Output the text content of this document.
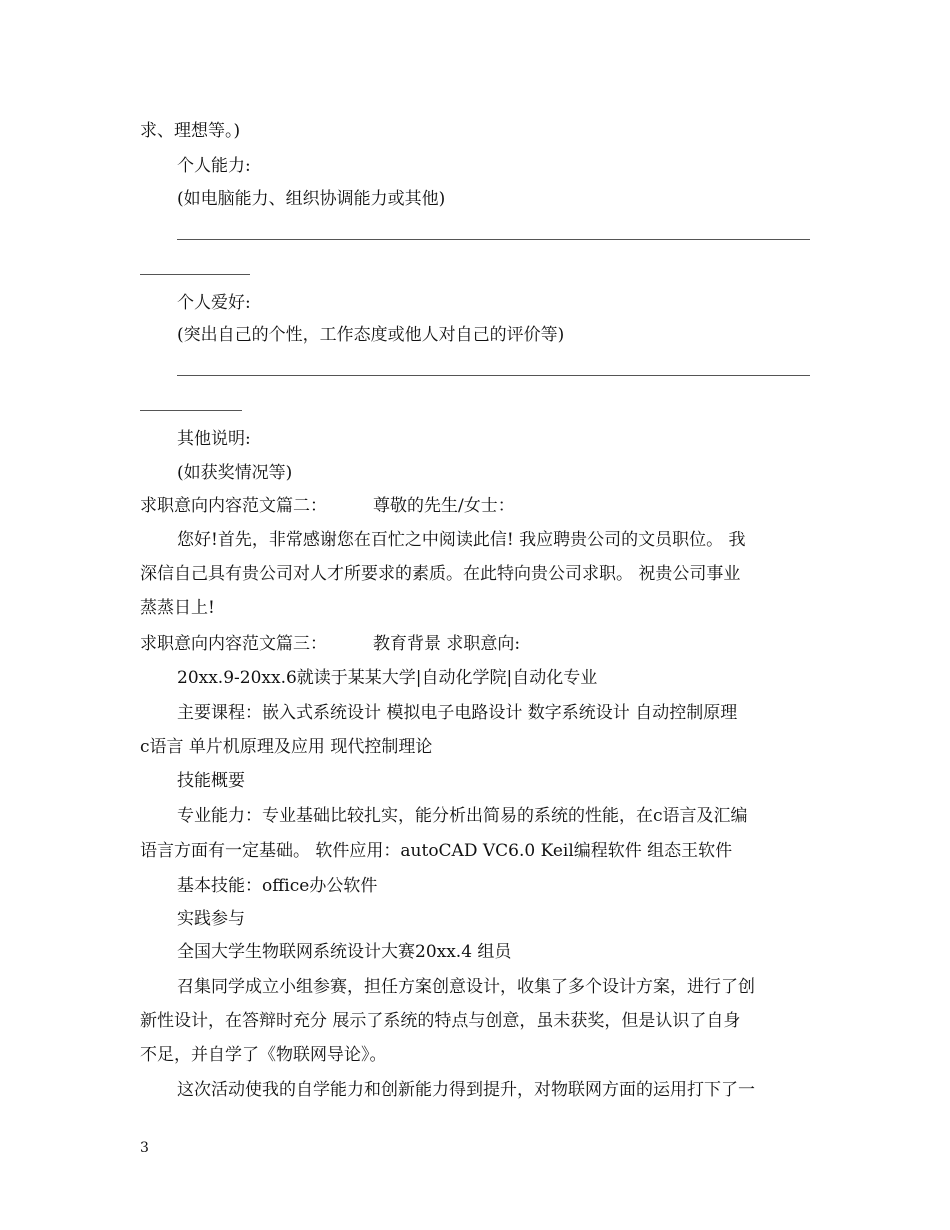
求、理想等。)
个人能力:
(如电脑能力、组织协调能力或其他)
个人爱好:
(突出自己的个性，工作态度或他人对自己的评价等)
其他说明:
(如获奖情况等)
求职意向内容范文篇二：	尊敬的先生/女士：
您好!首先，非常感谢您在百忙之中阅读此信! 我应聘贵公司的文员职位。 我
深信自己具有贵公司对人才所要求的素质。在此特向贵公司求职。 祝贵公司事业
蒸蒸日上!
求职意向内容范文篇三：	教育背景 求职意向:
20xx.9-20xx.6就读于某某大学|自动化学院|自动化专业
主要课程：嵌入式系统设计 模拟电子电路设计 数字系统设计 自动控制原理
c语言 单片机原理及应用 现代控制理论
技能概要
专业能力：专业基础比较扎实，能分析出简易的系统的性能，在c语言及汇编
语言方面有一定基础。 软件应用：autoCAD VC6.0 Keil编程软件 组态王软件
基本技能：office办公软件
实践参与
全国大学生物联网系统设计大赛20xx.4 组员
召集同学成立小组参赛，担任方案创意设计，收集了多个设计方案，进行了创
新性设计，在答辩时充分 展示了系统的特点与创意，虽未获奖，但是认识了自身
不足，并自学了《物联网导论》。
这次活动使我的自学能力和创新能力得到提升，对物联网方面的运用打下了一
3
